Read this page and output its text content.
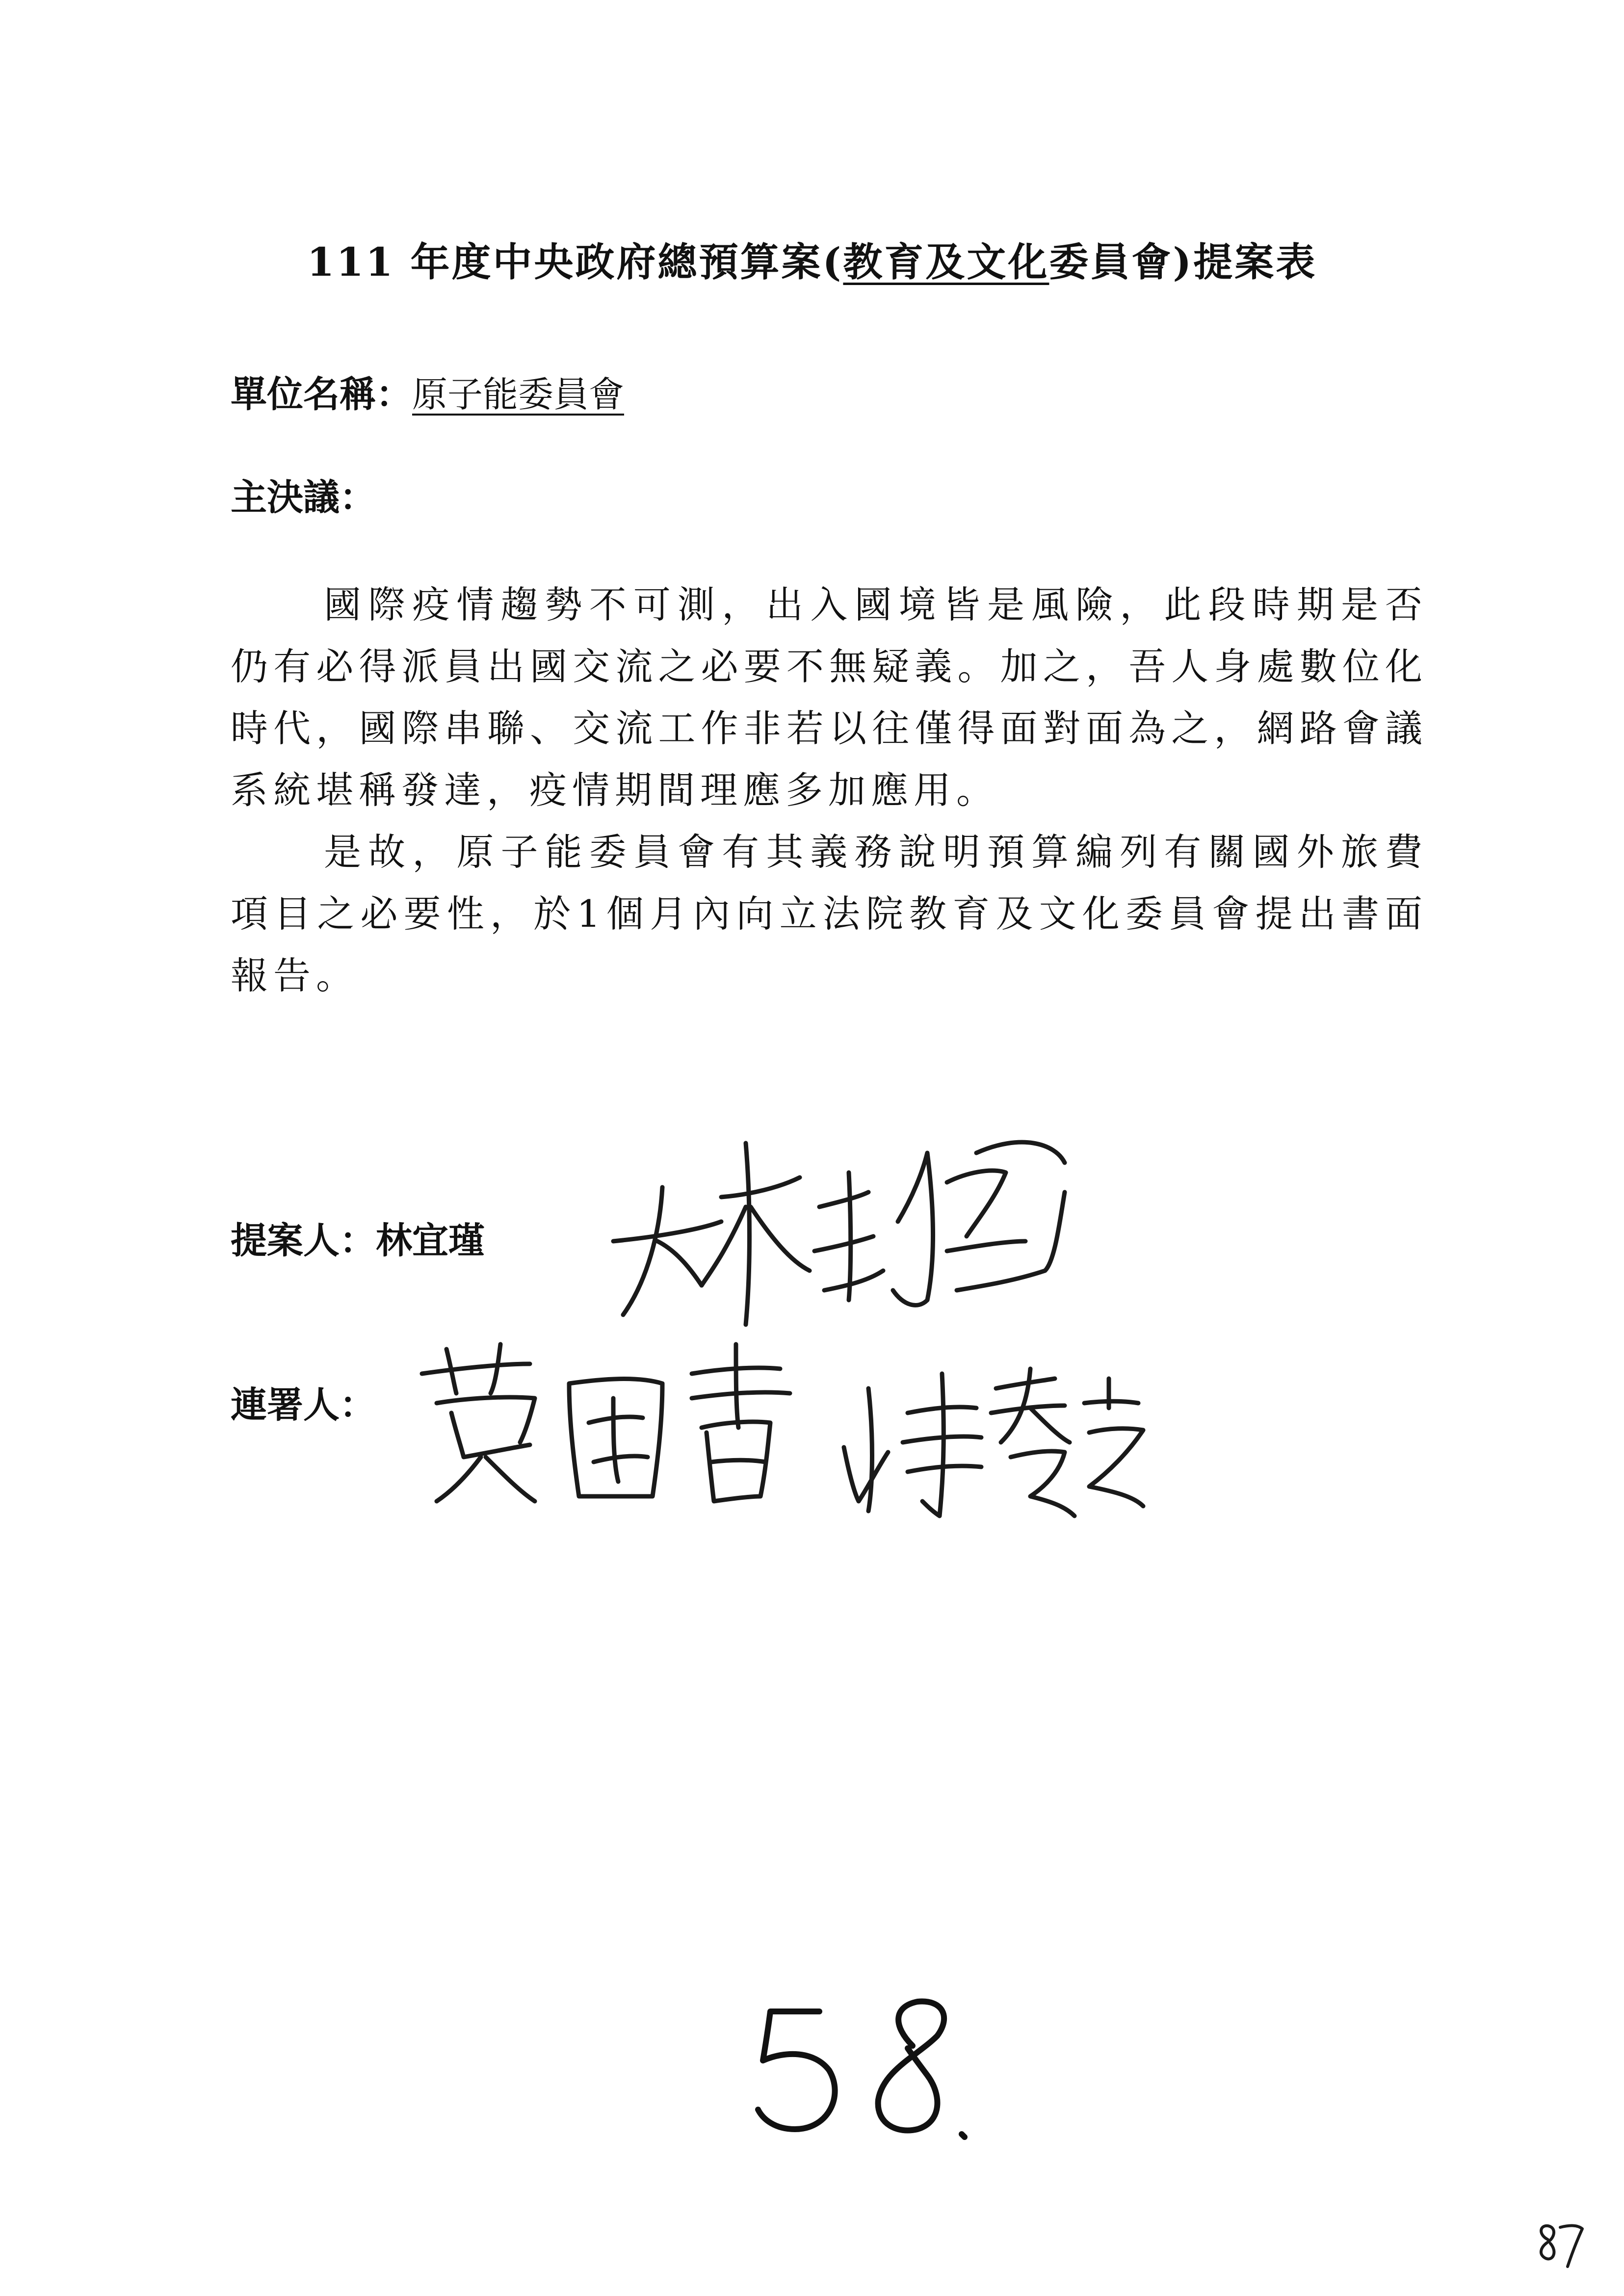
111 年度中央政府總預算案(教育及文化委員會)提案表
單位名稱：原子能委員會
主決議：

國際疫情趨勢不可測，出入國境皆是風險，此段時期是否仍有必得派員出國交流之必要不無疑義。加之，吾人身處數位化時代，國際串聯、交流工作非若以往僅得面對面為之，網路會議系統堪稱發達，疫情期間理應多加應用。

是故，原子能委員會有其義務說明預算編列有關國外旅費項目之必要性，於1個月內向立法院教育及文化委員會提出書面報告。

提案人：林宜瑾
連署人：
